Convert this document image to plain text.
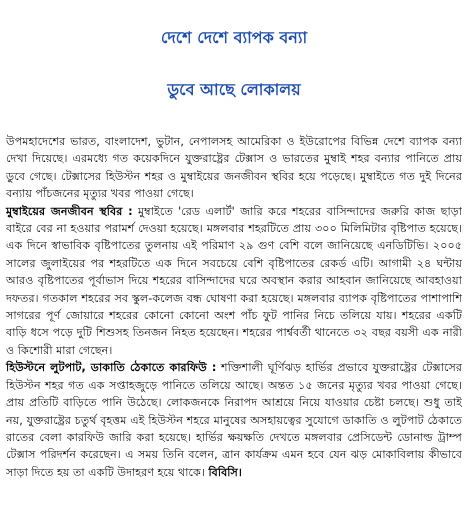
দেশে দেশে ব্যাপক বন্যা
ডুবে আছে লোকালয়

উপমহাদেশের ভারত, বাংলাদেশ, ভুটান, নেপালসহ আমেরিকা ও ইউরোপের বিভিন্ন দেশে ব্যাপক বন্যা দেখা দিয়েছে। এরমধ্যে গত কয়েকদিনে যুক্তরাষ্ট্রের টেক্সাস ও ভারতের মুম্বাই শহর বন্যার পানিতে প্রায় ডুবে গেছে। টেক্সাসের হিউস্টন শহর ও মুম্বাইয়ের জনজীবন স্থবির হয়ে পড়েছে। মুম্বাইতে গত দুই দিনের বন্যায় পাঁচজনের মৃত্যুর খবর পাওয়া গেছে।

মুম্বাইয়ের জনজীবন স্থবির : মুম্বাইতে 'রেড এলার্ট' জারি করে শহরের বাসিন্দাদের জরুরি কাজ ছাড়া বাইরে বের না হওয়ার পরামর্শ দেওয়া হয়েছে। মঙ্গলবার শহরটিতে প্রায় ৩০০ মিলিমিটার বৃষ্টিপাত হয়েছে। এক দিনে স্বাভাবিক বৃষ্টিপাতের তুলনায় এই পরিমাণ ২৯ গুণ বেশি বলে জানিয়েছে এনডিটিভি। ২০০৫ সালের জুলাইয়ের পর শহরটিতে এক দিনে সবচেয়ে বেশি বৃষ্টিপাতের রেকর্ড এটি। আগামী ২৪ ঘন্টায় আরও বৃষ্টিপাতের পূর্বাভাস দিয়ে শহরের বাসিন্দাদের ঘরে অবস্থান করার আহবান জানিয়েছে আবহাওয়া দফতর। গতকাল শহরের সব স্কুল-কলেজ বন্ধ ঘোষণা করা হয়েছে। মঙ্গলবার ব্যাপক বৃষ্টিপাতের পাশাপাশি সাগরের পূর্ণ জোয়ারে শহরের কোনো কোনো অংশ পাঁচ ফুট পানির নিচে তলিয়ে যায়। শহরের একটি বাড়ি ধসে পড়ে দুটি শিশুসহ তিনজন নিহত হয়েছেন। শহরের পার্শ্ববর্তী থানেতে ৩২ বছর বয়সী এক নারী ও কিশোরী মারা গেছেন।

হিউস্টনে লুটপাট, ডাকাতি ঠেকাতে কারফিউ : শক্তিশালী ঘূর্ণিঝড় হার্ভির প্রভাবে যুক্তরাষ্ট্রের টেক্সাসের হিউস্টন শহর গত এক সপ্তাহজুড়ে পানিতে তলিয়ে আছে। অন্তত ১৫ জনের মৃত্যুর খবর পাওয়া গেছে। প্রায় প্রতিটি বাড়িতে পানি উঠেছে। লোকজনকে নিরাপদ আশ্রয়ে নিয়ে যাওয়ার চেষ্টা চলছে। শুধু তাই নয়, যুক্তরাষ্ট্রের চতুর্থ বৃহত্তম এই হিউস্টন শহরে মানুষের অসহায়ত্বের সুযোগে ডাকাতি ও লুটপাট ঠেকাতে রাতের বেলা কারফিউ জারি করা হয়েছে। হার্ভির ক্ষয়ক্ষতি দেখতে মঙ্গলবার প্রেসিডেন্ট ডোনাল্ড ট্রাম্প টেক্সাস পরিদর্শন করেছেন। এ সময় তিনি বলেন, ত্রান কার্যক্রম এমন হবে যেন ঝড় মোকাবিলায় কীভাবে সাড়া দিতে হয় তা একটি উদাহরণ হয়ে থাকে। বিবিসি।
